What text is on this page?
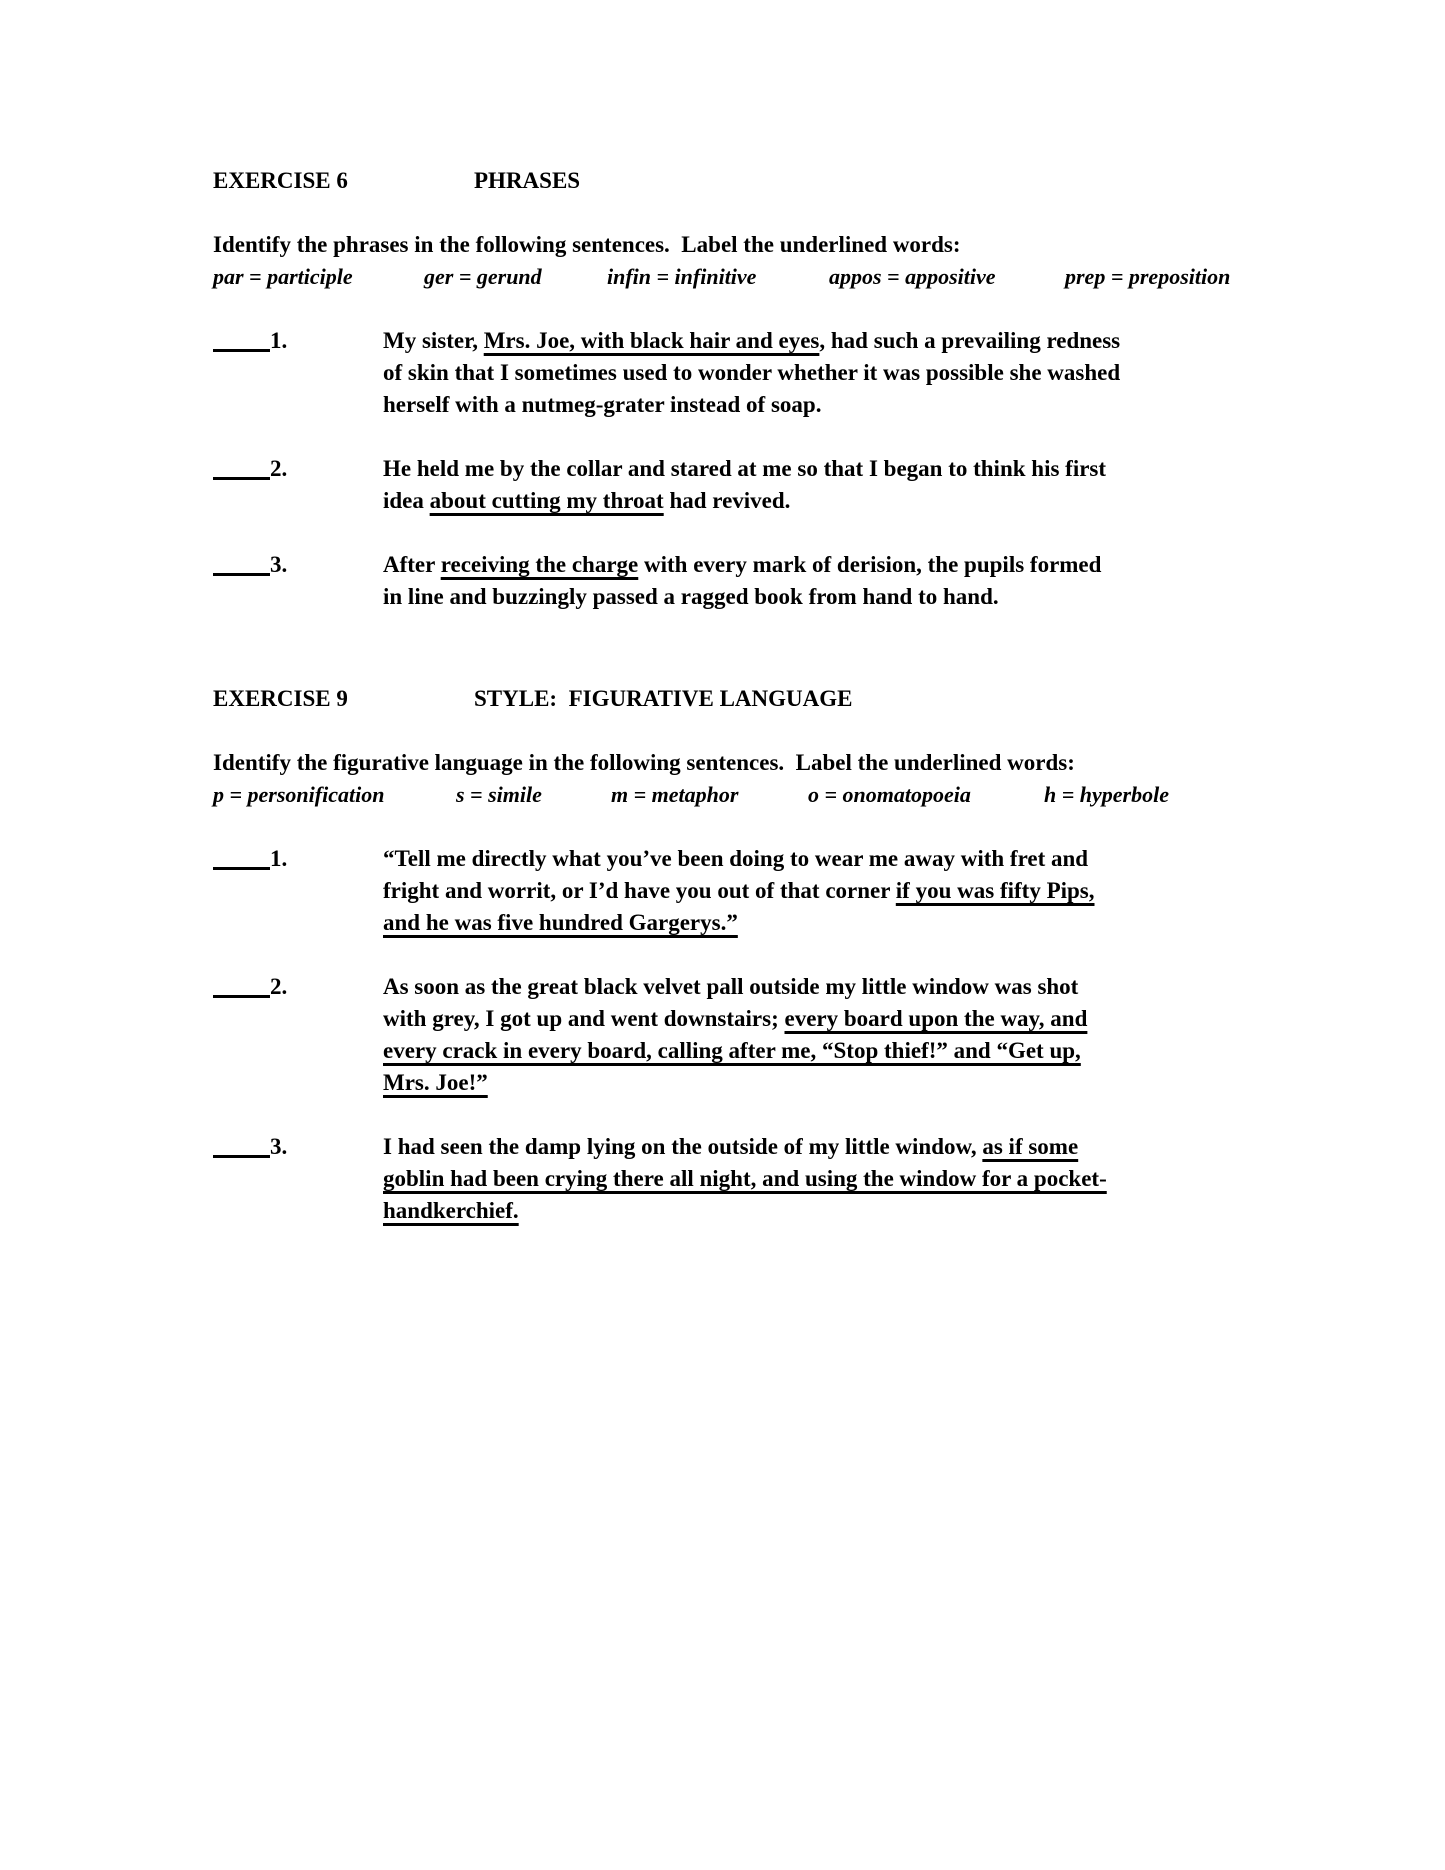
EXERCISE 6	PHRASES

Identify the phrases in the following sentences.  Label the underlined words:

par = participle	ger = gerund	infin = infinitive	appos = appositive	prep = preposition
1.	My sister, Mrs. Joe, with black hair and eyes, had such a prevailing redness
of skin that I sometimes used to wonder whether it was possible she washed
herself with a nutmeg-grater instead of soap.
2.	He held me by the collar and stared at me so that I began to think his first
idea about cutting my throat had revived.
3.	After receiving the charge with every mark of derision, the pupils formed
in line and buzzingly passed a ragged book from hand to hand.
EXERCISE 9	STYLE:  FIGURATIVE LANGUAGE

Identify the figurative language in the following sentences.  Label the underlined words:

p = personification	s = simile	m = metaphor	o = onomatopoeia	h = hyperbole
1.	“Tell me directly what you’ve been doing to wear me away with fret and
fright and worrit, or I’d have you out of that corner if you was fifty Pips,
and he was five hundred Gargerys.”
2.	As soon as the great black velvet pall outside my little window was shot
with grey, I got up and went downstairs; every board upon the way, and
every crack in every board, calling after me, “Stop thief!” and “Get up,
Mrs. Joe!”
3.	I had seen the damp lying on the outside of my little window, as if some
goblin had been crying there all night, and using the window for a pocket-
handkerchief.
